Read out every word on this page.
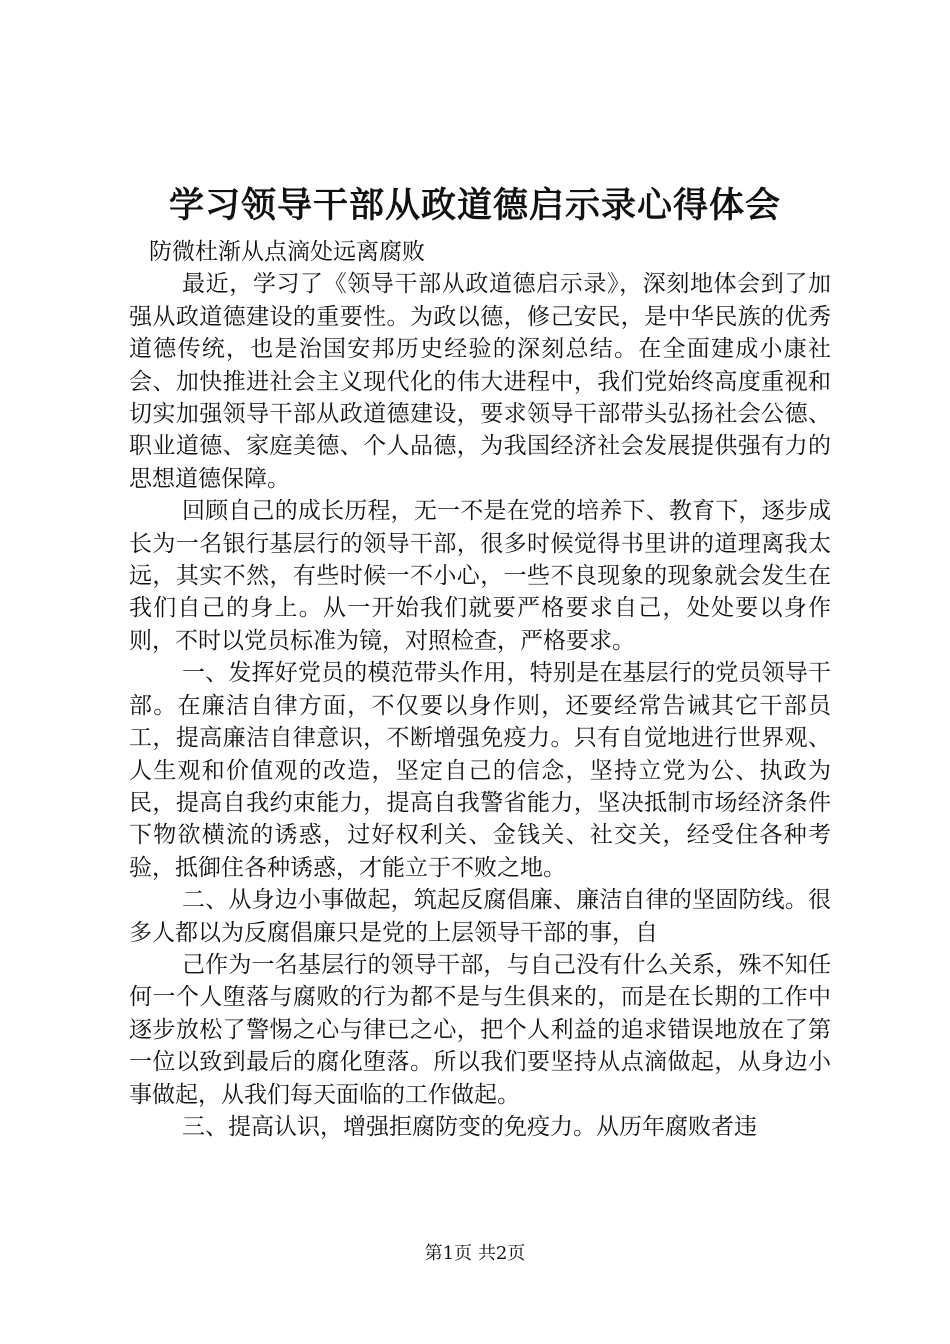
学习领导干部从政道德启示录心得体会

防微杜渐从点滴处远离腐败

最近，学习了《领导干部从政道德启示录》，深刻地体会到了加强从政道德建设的重要性。为政以德，修己安民，是中华民族的优秀道德传统，也是治国安邦历史经验的深刻总结。在全面建成小康社会、加快推进社会主义现代化的伟大进程中，我们党始终高度重视和切实加强领导干部从政道德建设，要求领导干部带头弘扬社会公德、职业道德、家庭美德、个人品德，为我国经济社会发展提供强有力的思想道德保障。

回顾自己的成长历程，无一不是在党的培养下、教育下，逐步成长为一名银行基层行的领导干部，很多时候觉得书里讲的道理离我太远，其实不然，有些时候一不小心，一些不良现象的现象就会发生在我们自己的身上。从一开始我们就要严格要求自己，处处要以身作则，不时以党员标准为镜，对照检查，严格要求。

一、发挥好党员的模范带头作用，特别是在基层行的党员领导干部。在廉洁自律方面，不仅要以身作则，还要经常告诫其它干部员工，提高廉洁自律意识，不断增强免疫力。只有自觉地进行世界观、人生观和价值观的改造，坚定自己的信念，坚持立党为公、执政为民，提高自我约束能力，提高自我警省能力，坚决抵制市场经济条件下物欲横流的诱惑，过好权利关、金钱关、社交关，经受住各种考验，抵御住各种诱惑，才能立于不败之地。

二、从身边小事做起，筑起反腐倡廉、廉洁自律的坚固防线。很多人都以为反腐倡廉只是党的上层领导干部的事，自

己作为一名基层行的领导干部，与自己没有什么关系，殊不知任何一个人堕落与腐败的行为都不是与生俱来的，而是在长期的工作中逐步放松了警惕之心与律已之心，把个人利益的追求错误地放在了第一位以致到最后的腐化堕落。所以我们要坚持从点滴做起，从身边小事做起，从我们每天面临的工作做起。

三、提高认识，增强拒腐防变的免疫力。从历年腐败者违

第1页 共2页
